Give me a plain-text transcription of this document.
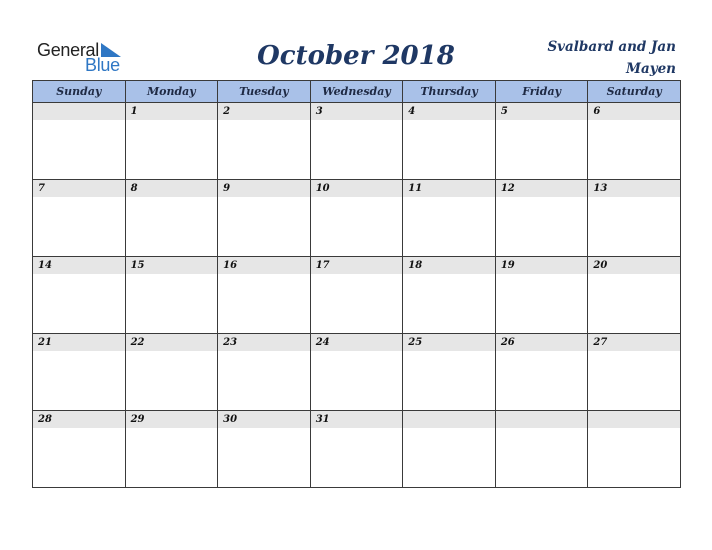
General
Blue	October 2018	Svalbard and Jan Mayen
Sunday	Monday	Tuesday	Wednesday	Thursday	Friday	Saturday

	1	2	3	4	5	6

7	8	9	10	11	12	13

14	15	16	17	18	19	20

21	22	23	24	25	26	27

28	29	30	31			
